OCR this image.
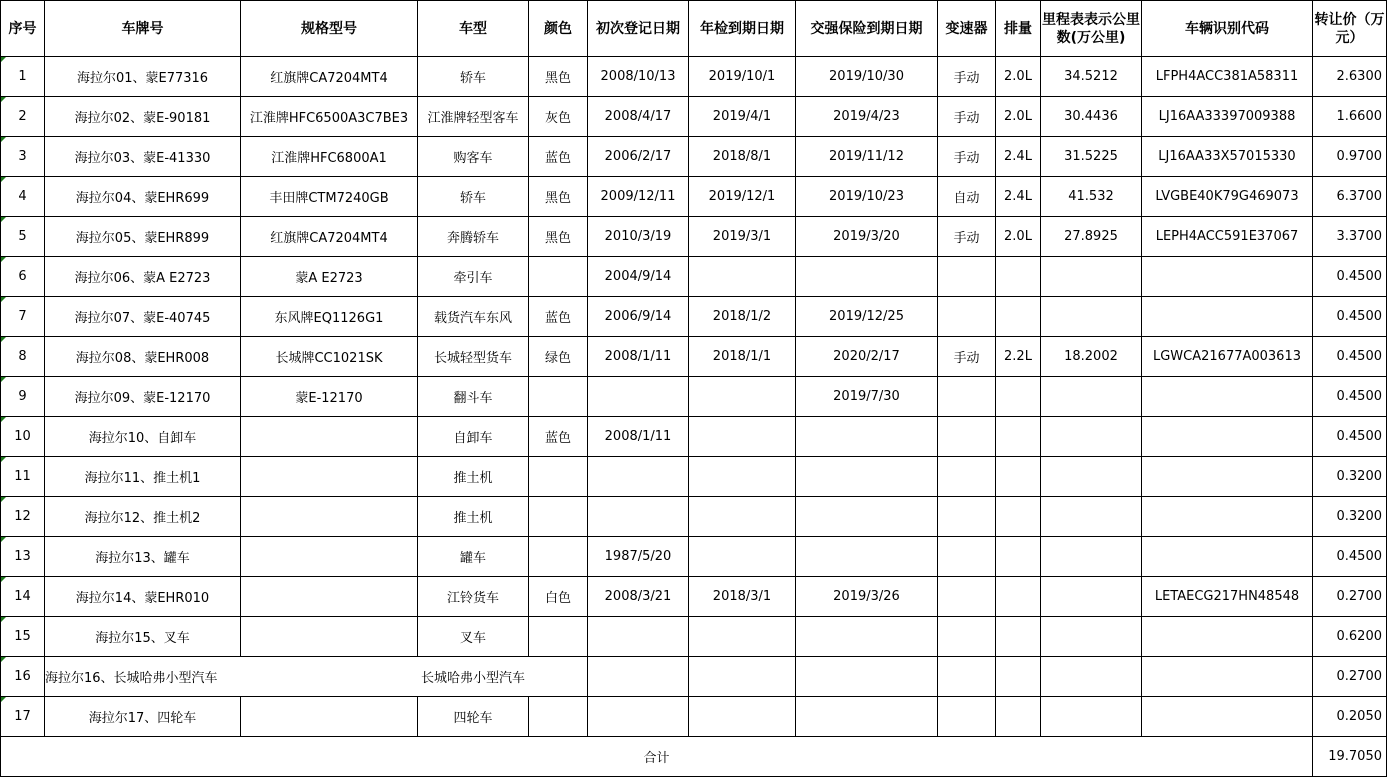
序号	车牌号	规格型号	车型	颜色	初次登记日期	年检到期日期	交强保险到期日期	变速器	排量	里程表表示公里数(万公里)	车辆识别代码	转让价（万元）

1	海拉尔01、蒙E77316	红旗牌CA7204MT4	轿车	黑色	2008/10/13	2019/10/1	2019/10/30	手动	2.0L	34.5212	LFPH4ACC381A58311	2.6300

2	海拉尔02、蒙E-90181	江淮牌HFC6500A3C7BE3	江淮牌轻型客车	灰色	2008/4/17	2019/4/1	2019/4/23	手动	2.0L	30.4436	LJ16AA33397009388	1.6600

3	海拉尔03、蒙E-41330	江淮牌HFC6800A1	购客车	蓝色	2006/2/17	2018/8/1	2019/11/12	手动	2.4L	31.5225	LJ16AA33X57015330	0.9700

4	海拉尔04、蒙EHR699	丰田牌CTM7240GB	轿车	黑色	2009/12/11	2019/12/1	2019/10/23	自动	2.4L	41.532	LVGBE40K79G469073	6.3700

5	海拉尔05、蒙EHR899	红旗牌CA7204MT4	奔腾轿车	黑色	2010/3/19	2019/3/1	2019/3/20	手动	2.0L	27.8925	LEPH4ACC591E37067	3.3700

6	海拉尔06、蒙A E2723	蒙A E2723	牵引车		2004/9/14							0.4500

7	海拉尔07、蒙E-40745	东风牌EQ1126G1	载货汽车东风	蓝色	2006/9/14	2018/1/2	2019/12/25					0.4500

8	海拉尔08、蒙EHR008	长城牌CC1021SK	长城轻型货车	绿色	2008/1/11	2018/1/1	2020/2/17	手动	2.2L	18.2002	LGWCA21677A003613	0.4500

9	海拉尔09、蒙E-12170	蒙E-12170	翻斗车				2019/7/30					0.4500

10	海拉尔10、自卸车		自卸车	蓝色	2008/1/11							0.4500

11	海拉尔11、推土机1		推土机									0.3200

12	海拉尔12、推土机2		推土机									0.3200

13	海拉尔13、罐车		罐车		1987/5/20							0.4500

14	海拉尔14、蒙EHR010		江铃货车	白色	2008/3/21	2018/3/1	2019/3/26				LETAECG217HN48548	0.2700

15	海拉尔15、叉车		叉车									0.6200

16	海拉尔16、长城哈弗小型汽车		长城哈弗小型汽车									0.2700

17	海拉尔17、四轮车		四轮车									0.2050
合计												19.7050
